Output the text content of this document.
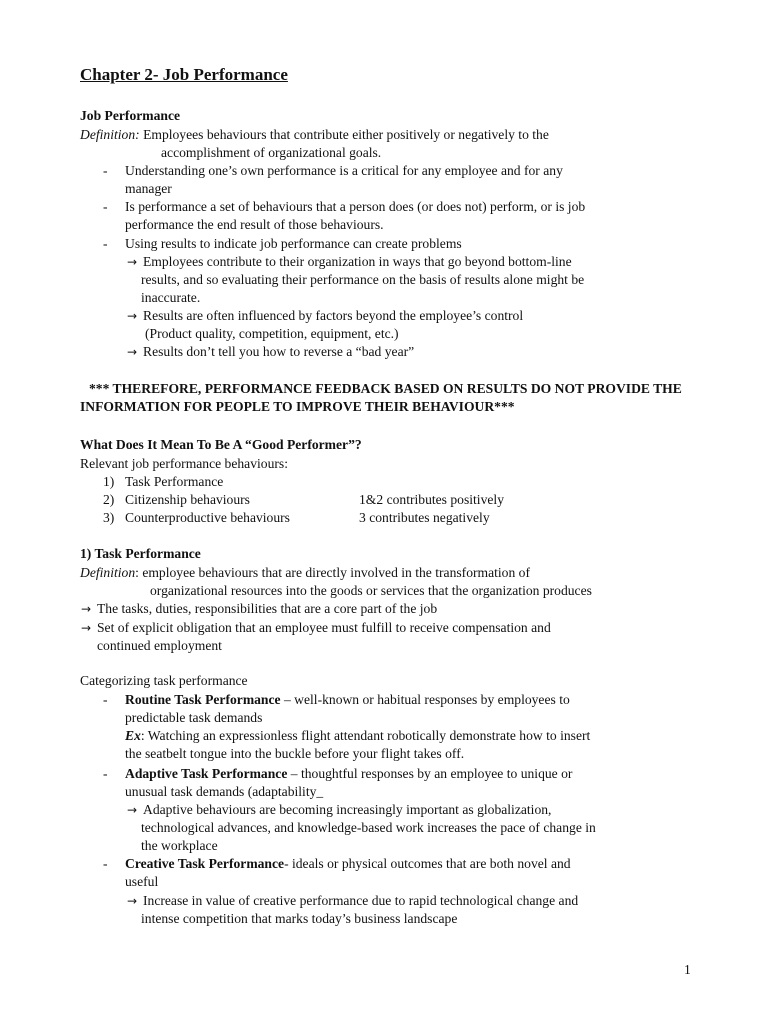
Chapter 2- Job Performance
Job Performance
Definition: Employees behaviours that contribute either positively or negatively to the
accomplishment of organizational goals.
- Understanding one’s own performance is a critical for any employee and for any
manager
- Is performance a set of behaviours that a person does (or does not) perform, or is job
performance the end result of those behaviours.
- Using results to indicate job performance can create problems
→ Employees contribute to their organization in ways that go beyond bottom-line
results, and so evaluating their performance on the basis of results alone might be
inaccurate.
→ Results are often influenced by factors beyond the employee’s control
(Product quality, competition, equipment, etc.)
→ Results don’t tell you how to reverse a “bad year”
*** THEREFORE, PERFORMANCE FEEDBACK BASED ON RESULTS DO NOT PROVIDE THE
INFORMATION FOR PEOPLE TO IMPROVE THEIR BEHAVIOUR***
What Does It Mean To Be A “Good Performer”?
Relevant job performance behaviours:
1) Task Performance
2) Citizenship behaviours	1&2 contributes positively
3) Counterproductive behaviours	3 contributes negatively
1) Task Performance
Definition: employee behaviours that are directly involved in the transformation of
organizational resources into the goods or services that the organization produces
→ The tasks, duties, responsibilities that are a core part of the job
→ Set of explicit obligation that an employee must fulfill to receive compensation and
continued employment
Categorizing task performance
- Routine Task Performance – well-known or habitual responses by employees to
predictable task demands
Ex: Watching an expressionless flight attendant robotically demonstrate how to insert
the seatbelt tongue into the buckle before your flight takes off.
- Adaptive Task Performance – thoughtful responses by an employee to unique or
unusual task demands (adaptability_
→ Adaptive behaviours are becoming increasingly important as globalization,
technological advances, and knowledge-based work increases the pace of change in
the workplace
- Creative Task Performance- ideals or physical outcomes that are both novel and
useful
→ Increase in value of creative performance due to rapid technological change and
intense competition that marks today’s business landscape
1
